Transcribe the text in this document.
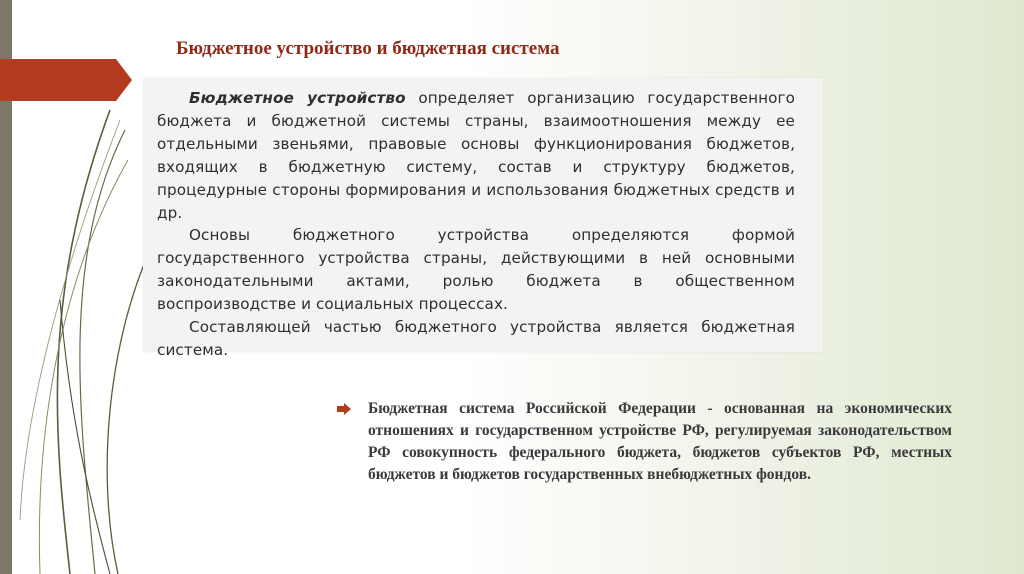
Бюджетное устройство и бюджетная система

Бюджетное устройство определяет организацию государственного бюджета и бюджетной системы страны, взаимоотношения между ее отдельными звеньями, правовые основы функционирования бюджетов, входящих в бюджетную систему, состав и структуру бюджетов, процедурные стороны формирования и использования бюджетных средств и др.

Основы бюджетного устройства определяются формой государственного устройства страны, действующими в ней основными законодательными актами, ролью бюджета в общественном воспроизводстве и социальных процессах.

Составляющей частью бюджетного устройства является бюджетная система.

Бюджетная система Российской Федерации - основанная на экономических отношениях и государственном устройстве РФ, регулируемая законодательством РФ совокупность федерального бюджета, бюджетов субъектов РФ, местных бюджетов и бюджетов государственных внебюджетных фондов.
